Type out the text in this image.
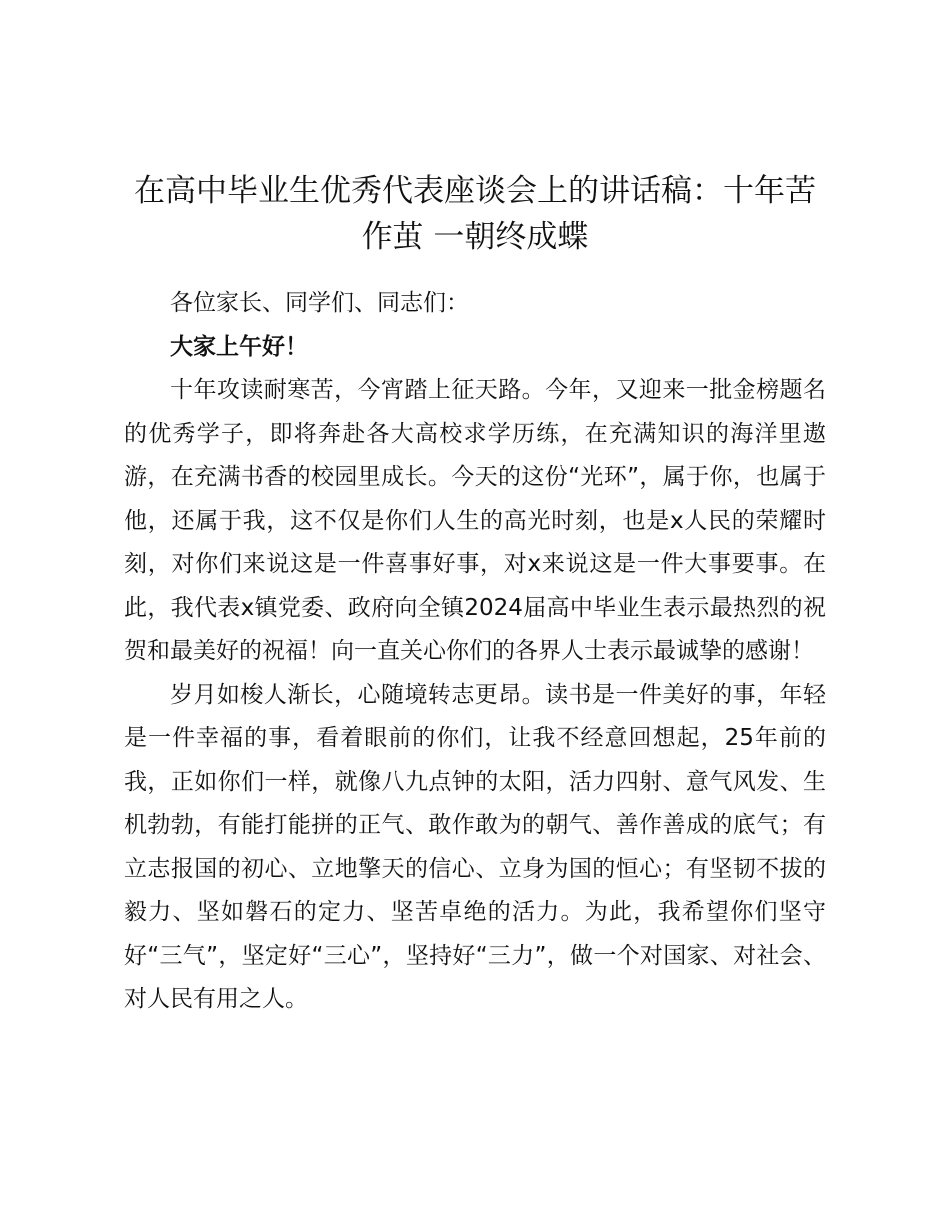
在高中毕业生优秀代表座谈会上的讲话稿：十年苦作茧 一朝终成蝶

各位家长、同学们、同志们：

大家上午好！

十年攻读耐寒苦，今宵踏上征天路。今年，又迎来一批金榜题名的优秀学子，即将奔赴各大高校求学历练，在充满知识的海洋里遨游，在充满书香的校园里成长。今天的这份“光环”，属于你，也属于他，还属于我，这不仅是你们人生的高光时刻，也是x人民的荣耀时刻，对你们来说这是一件喜事好事，对x来说这是一件大事要事。在此，我代表x镇党委、政府向全镇2024届高中毕业生表示最热烈的祝贺和最美好的祝福！向一直关心你们的各界人士表示最诚挚的感谢！

岁月如梭人渐长，心随境转志更昂。读书是一件美好的事，年轻是一件幸福的事，看着眼前的你们，让我不经意回想起，25年前的我，正如你们一样，就像八九点钟的太阳，活力四射、意气风发、生机勃勃，有能打能拼的正气、敢作敢为的朝气、善作善成的底气；有立志报国的初心、立地擎天的信心、立身为国的恒心；有坚韧不拔的毅力、坚如磐石的定力、坚苦卓绝的活力。为此，我希望你们坚守好“三气”，坚定好“三心”，坚持好“三力”，做一个对国家、对社会、对人民有用之人。
